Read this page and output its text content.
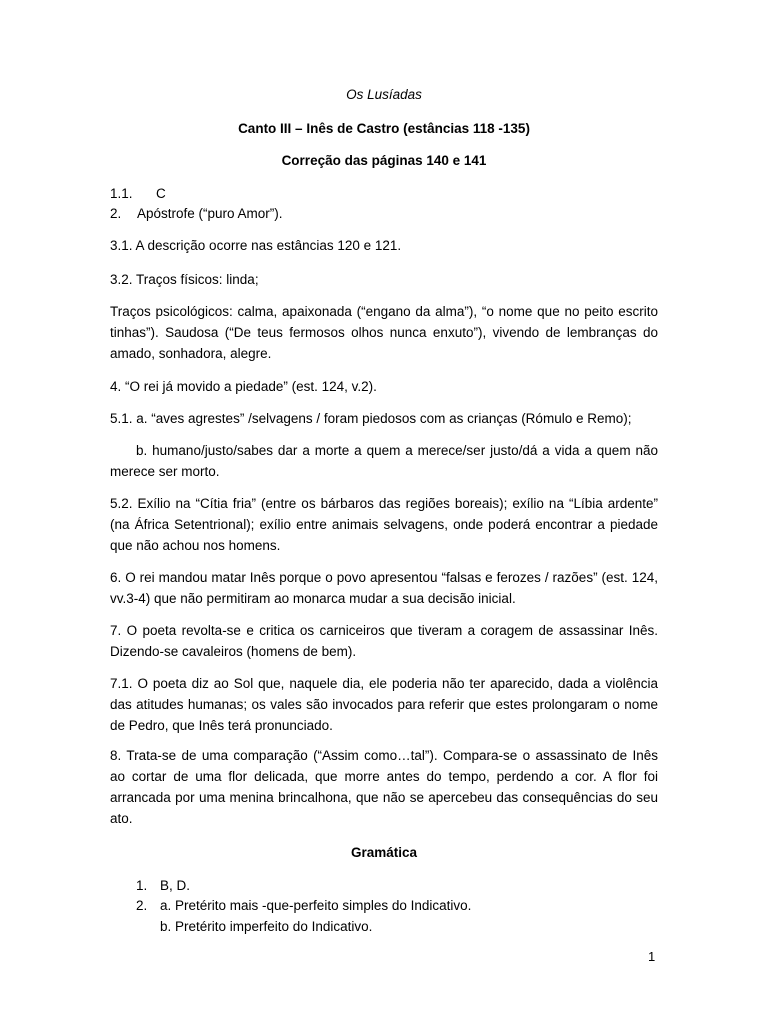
Os Lusíadas
Canto III – Inês de Castro (estâncias 118 -135)
Correção das páginas 140 e 141
1.1. C
2. Apóstrofe (“puro Amor”).
3.1. A descrição ocorre nas estâncias 120 e 121.
3.2. Traços físicos: linda;
Traços psicológicos: calma, apaixonada (“engano da alma”), “o nome que no peito escrito tinhas”). Saudosa (“De teus fermosos olhos nunca enxuto”), vivendo de lembranças do amado, sonhadora, alegre.
4. “O rei já movido a piedade” (est. 124, v.2).
5.1. a. “aves agrestes” /selvagens / foram piedosos com as crianças (Rómulo e Remo);
b. humano/justo/sabes dar a morte a quem a merece/ser justo/dá a vida a quem não merece ser morto.
5.2. Exílio na “Cítia fria” (entre os bárbaros das regiões boreais); exílio na “Líbia ardente” (na África Setentrional); exílio entre animais selvagens, onde poderá encontrar a piedade que não achou nos homens.
6. O rei mandou matar Inês porque o povo apresentou “falsas e ferozes / razões” (est. 124, vv.3-4) que não permitiram ao monarca mudar a sua decisão inicial.
7. O poeta revolta-se e critica os carniceiros que tiveram a coragem de assassinar Inês. Dizendo-se cavaleiros (homens de bem).
7.1. O poeta diz ao Sol que, naquele dia, ele poderia não ter aparecido, dada a violência das atitudes humanas; os vales são invocados para referir que estes prolongaram o nome de Pedro, que Inês terá pronunciado.
8. Trata-se de uma comparação (“Assim como…tal”). Compara-se o assassinato de Inês ao cortar de uma flor delicada, que morre antes do tempo, perdendo a cor. A flor foi arrancada por uma menina brincalhona, que não se apercebeu das consequências do seu ato.
Gramática
1. B, D.
2. a. Pretérito mais -que-perfeito simples do Indicativo.
b. Pretérito imperfeito do Indicativo.
1
